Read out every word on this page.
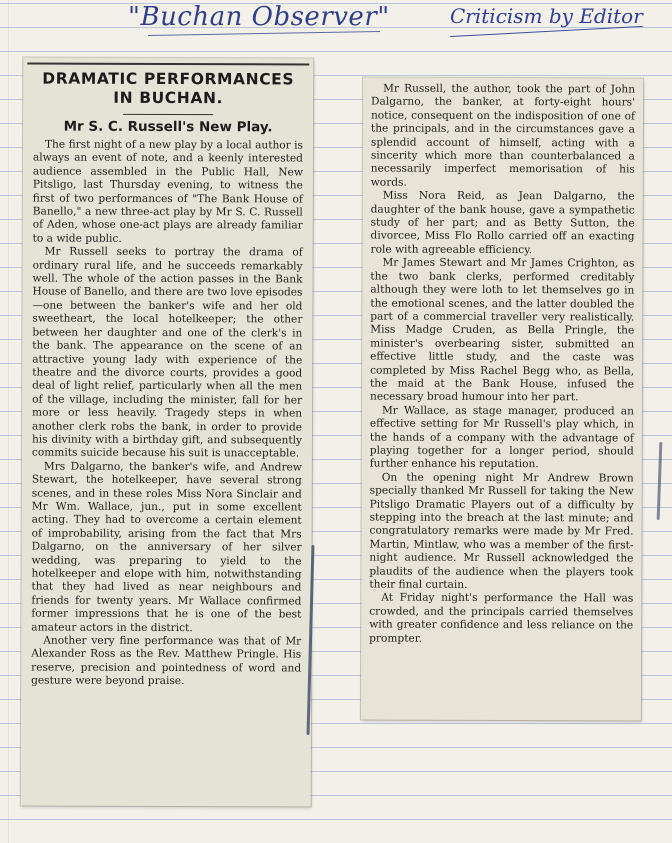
"Buchan Observer"	Criticism by Editor
DRAMATIC PERFORMANCES
IN BUCHAN.
Mr S. C. Russell's New Play.

The first night of a new play by a local author is always an event of note, and a keenly interested audience assembled in the Public Hall, New Pitsligo, last Thursday evening, to witness the first of two performances of "The Bank House of Banello," a new three-act play by Mr S. C. Russell of Aden, whose one-act plays are already familiar to a wide public.

Mr Russell seeks to portray the drama of ordinary rural life, and he succeeds remarkably well. The whole of the action passes in the Bank House of Banello, and there are two love episodes—one between the banker's wife and her old sweetheart, the local hotelkeeper; the other between her daughter and one of the clerk's in the bank. The appearance on the scene of an attractive young lady with experience of the theatre and the divorce courts, provides a good deal of light relief, particularly when all the men of the village, including the minister, fall for her more or less heavily. Tragedy steps in when another clerk robs the bank, in order to provide his divinity with a birthday gift, and subsequently commits suicide because his suit is unacceptable.

Mrs Dalgarno, the banker's wife, and Andrew Stewart, the hotelkeeper, have several strong scenes, and in these roles Miss Nora Sinclair and Mr Wm. Wallace, jun., put in some excellent acting. They had to overcome a certain element of improbability, arising from the fact that Mrs Dalgarno, on the anniversary of her silver wedding, was preparing to yield to the hotelkeeper and elope with him, notwithstanding that they had lived as near neighbours and friends for twenty years. Mr Wallace confirmed former impressions that he is one of the best amateur actors in the district.

Another very fine performance was that of Mr Alexander Ross as the Rev. Matthew Pringle. His reserve, precision and pointedness of word and gesture were beyond praise.

Mr Russell, the author, took the part of John Dalgarno, the banker, at forty-eight hours' notice, consequent on the indisposition of one of the principals, and in the circumstances gave a splendid account of himself, acting with a sincerity which more than counterbalanced a necessarily imperfect memorisation of his words.

Miss Nora Reid, as Jean Dalgarno, the daughter of the bank house, gave a sympathetic study of her part; and as Betty Sutton, the divorcee, Miss Flo Rollo carried off an exacting role with agreeable efficiency.

Mr James Stewart and Mr James Crighton, as the two bank clerks, performed creditably although they were loth to let themselves go in the emotional scenes, and the latter doubled the part of a commercial traveller very realistically. Miss Madge Cruden, as Bella Pringle, the minister's overbearing sister, submitted an effective little study, and the caste was completed by Miss Rachel Begg who, as Bella, the maid at the Bank House, infused the necessary broad humour into her part.

Mr Wallace, as stage manager, produced an effective setting for Mr Russell's play which, in the hands of a company with the advantage of playing together for a longer period, should further enhance his reputation.

On the opening night Mr Andrew Brown specially thanked Mr Russell for taking the New Pitsligo Dramatic Players out of a difficulty by stepping into the breach at the last minute; and congratulatory remarks were made by Mr Fred. Martin, Mintlaw, who was a member of the first-night audience. Mr Russell acknowledged the plaudits of the audience when the players took their final curtain.

At Friday night's performance the Hall was crowded, and the principals carried themselves with greater confidence and less reliance on the prompter.
